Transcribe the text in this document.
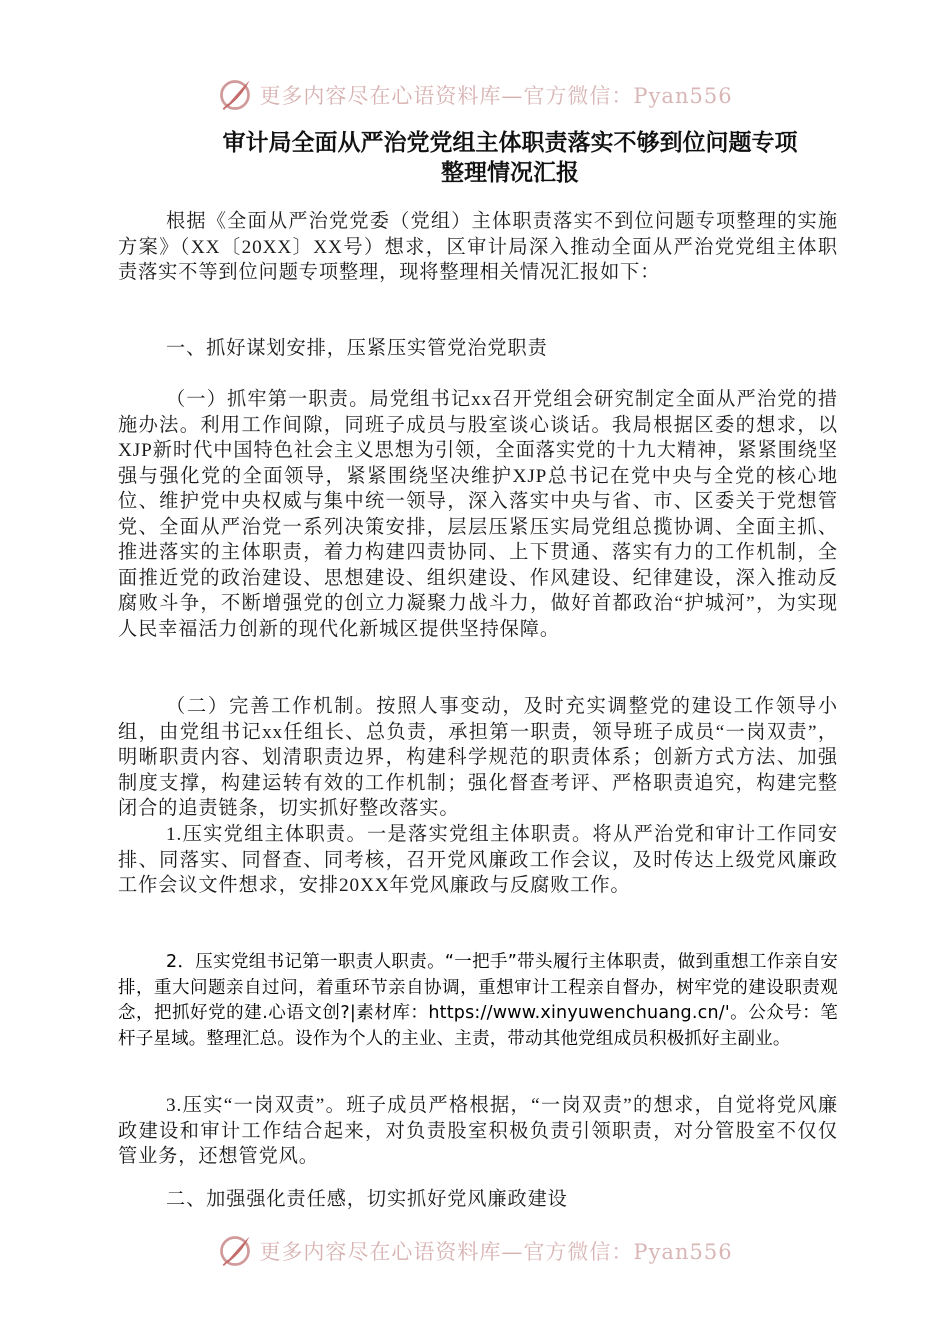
更多内容尽在心语资料库—官方微信：Pyan556
审计局全面从严治党党组主体职责落实不够到位问题专项
整理情况汇报
根据《全面从严治党党委（党组）主体职责落实不到位问题专项整理的实施方案》（XX〔20XX〕XX号）想求，区审计局深入推动全面从严治党党组主体职责落实不等到位问题专项整理，现将整理相关情况汇报如下：
一、抓好谋划安排，压紧压实管党治党职责
（一）抓牢第一职责。局党组书记xx召开党组会研究制定全面从严治党的措施办法。利用工作间隙，同班子成员与股室谈心谈话。我局根据区委的想求，以XJP新时代中国特色社会主义思想为引领，全面落实党的十九大精神，紧紧围绕坚强与强化党的全面领导，紧紧围绕坚决维护XJP总书记在党中央与全党的核心地位、维护党中央权威与集中统一领导，深入落实中央与省、市、区委关于党想管党、全面从严治党一系列决策安排，层层压紧压实局党组总揽协调、全面主抓、推进落实的主体职责，着力构建四责协同、上下贯通、落实有力的工作机制，全面推近党的政治建设、思想建设、组织建设、作风建设、纪律建设，深入推动反腐败斗争，不断增强党的创立力凝聚力战斗力，做好首都政治“护城河”，为实现人民幸福活力创新的现代化新城区提供坚持保障。
（二）完善工作机制。按照人事变动，及时充实调整党的建设工作领导小组，由党组书记xx任组长、总负责，承担第一职责，领导班子成员“一岗双责”，明晰职责内容、划清职责边界，构建科学规范的职责体系；创新方式方法、加强制度支撑，构建运转有效的工作机制；强化督查考评、严格职责追究，构建完整闭合的追责链条，切实抓好整改落实。
1.压实党组主体职责。一是落实党组主体职责。将从严治党和审计工作同安排、同落实、同督查、同考核，召开党风廉政工作会议，及时传达上级党风廉政工作会议文件想求，安排20XX年党风廉政与反腐败工作。
2．压实党组书记第一职责人职责。“一把手”带头履行主体职责，做到重想工作亲自安排，重大问题亲自过问，着重环节亲自协调，重想审计工程亲自督办，树牢党的建设职责观念，把抓好党的建.心语文创?|素材库：https://www.xinyuwenchuang.cn/'。公众号：笔杆子星域。整理汇总。设作为个人的主业、主责，带动其他党组成员积极抓好主副业。
3.压实“一岗双责”。班子成员严格根据，“一岗双责”的想求，自觉将党风廉政建设和审计工作结合起来，对负责股室积极负责引领职责，对分管股室不仅仅管业务，还想管党风。
二、加强强化责任感，切实抓好党风廉政建设
更多内容尽在心语资料库—官方微信：Pyan556
